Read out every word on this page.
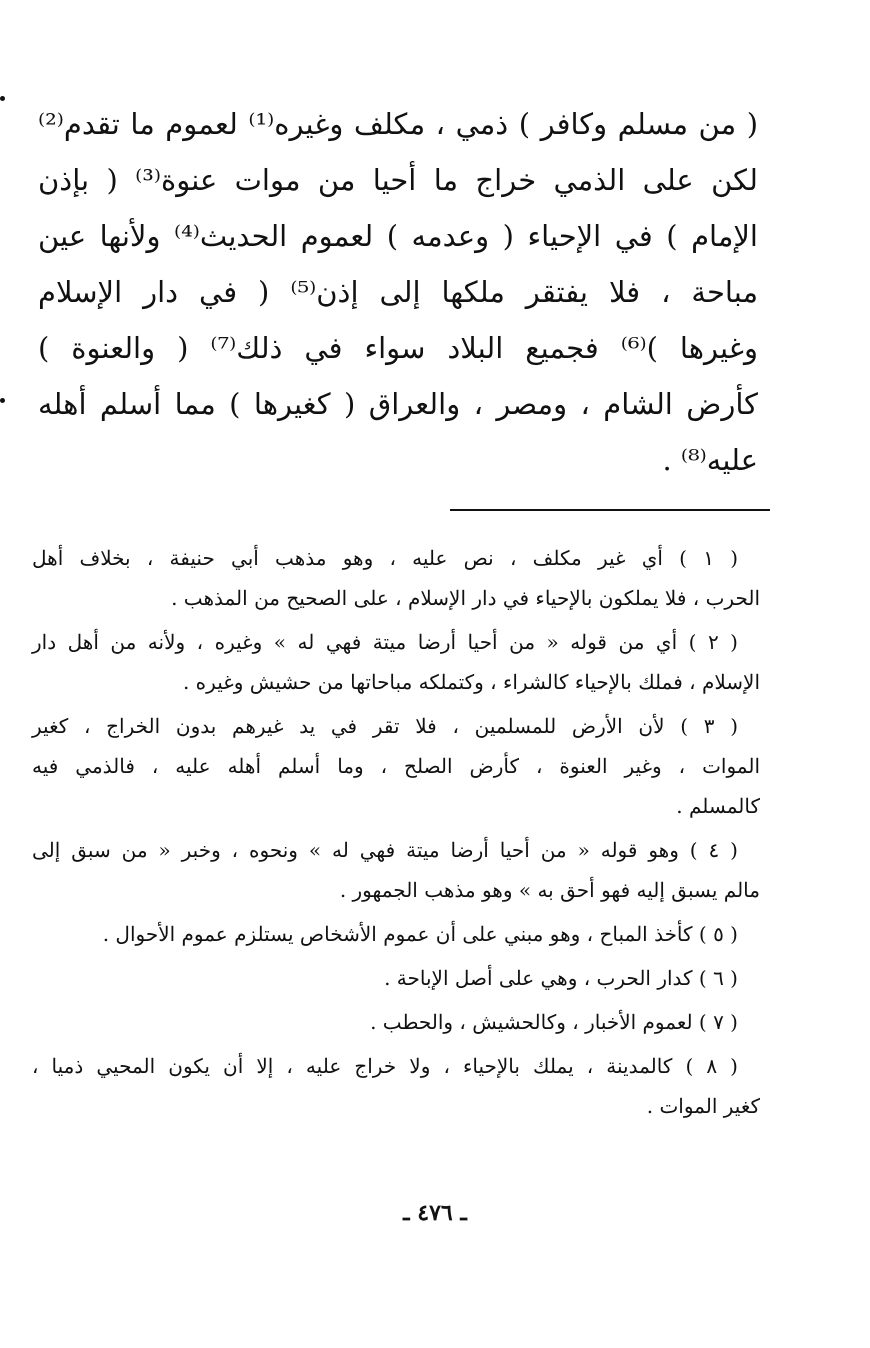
( من مسلم وكافر ) ذمي ، مكلف وغيره⁽¹⁾ لعموم ما تقدم⁽²⁾
لكن على الذمي خراج ما أحيا من موات عنوة⁽³⁾ ( بإذن
الإمام ) في الإحياء ( وعدمه ) لعموم الحديث⁽⁴⁾ ولأنها عين
مباحة ، فلا يفتقر ملكها إلى إذن⁽⁵⁾ ( في دار الإسلام
وغيرها )⁽⁶⁾ فجميع البلاد سواء في ذلك⁽⁷⁾ ( والعنوة )
كأرض الشام ، ومصر ، والعراق ( كغيرها ) مما أسلم أهله
عليه⁽⁸⁾ .
( ١ ) أي غير مكلف ، نص عليه ، وهو مذهب أبي حنيفة ، بخلاف أهل
الحرب ، فلا يملكون بالإحياء في دار الإسلام ، على الصحيح من المذهب .
( ٢ ) أي من قوله « من أحيا أرضا ميتة فهي له » وغيره ، ولأنه من أهل دار
الإسلام ، فملك بالإحياء كالشراء ، وكتملكه مباحاتها من حشيش وغيره .
( ٣ ) لأن الأرض للمسلمين ، فلا تقر في يد غيرهم بدون الخراج ، كغير
الموات ، وغير العنوة ، كأرض الصلح ، وما أسلم أهله عليه ، فالذمي فيه
كالمسلم .
( ٤ ) وهو قوله « من أحيا أرضا ميتة فهي له » ونحوه ، وخبر « من سبق إلى
مالم يسبق إليه فهو أحق به » وهو مذهب الجمهور .
( ٥ ) كأخذ المباح ، وهو مبني على أن عموم الأشخاص يستلزم عموم الأحوال .
( ٦ ) كدار الحرب ، وهي على أصل الإباحة .
( ٧ ) لعموم الأخبار ، وكالحشيش ، والحطب .
( ٨ ) كالمدينة ، يملك بالإحياء ، ولا خراج عليه ، إلا أن يكون المحيي ذميا ،
كغير الموات .
ـ ٤٧٦ ـ
